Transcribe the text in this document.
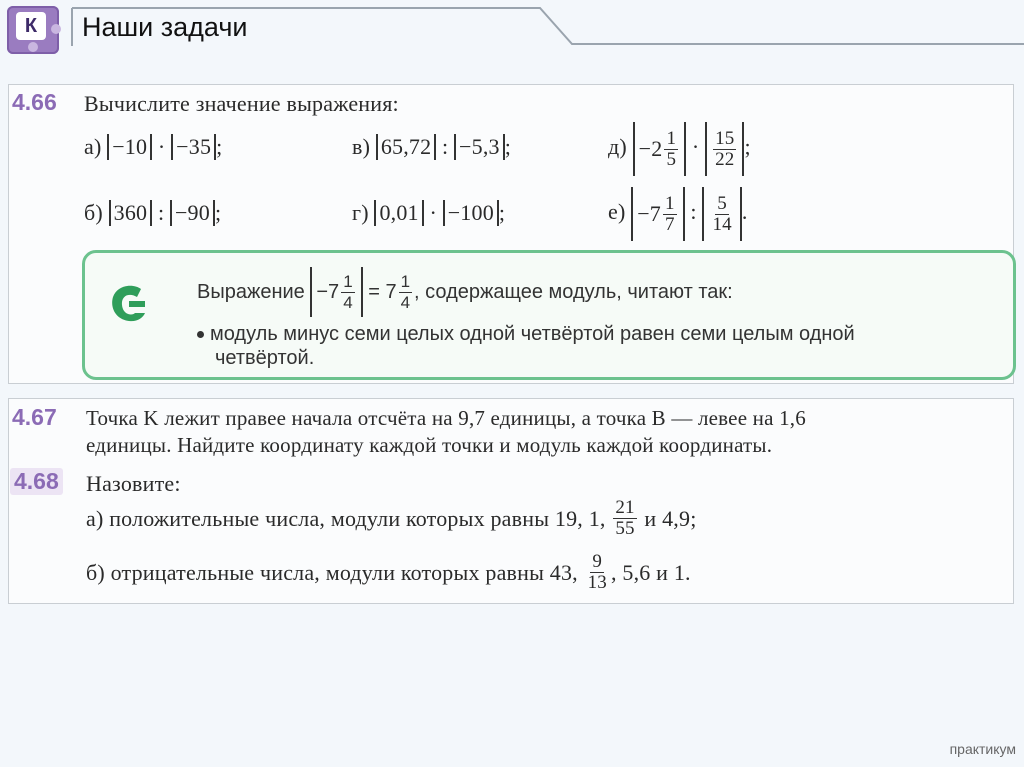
К	Наши задачи
4.66 Вычислите значение выражения:
а) −10 · −35 ;	в) 65,72 : −5,3 ;	$д) -2 \frac{1}{5} \cdot \frac{15}{22}$ ;
б) 360 : −90 ;	г) 0,01 · −100 ;	$е) -7 \frac{1}{7}$ : $\frac{5}{14}$ .
Выражение
$-7 \frac{1}{4}$
= $7 \frac{1}{4}$ , содержащее модуль, читают так:
модуль минус семи целых одной четвёртой равен семи целым одной
четвёртой.
4.67 Точка K лежит правее начала отсчёта на 9,7 единицы, а точка B — левее на 1,6
единицы. Найдите координату каждой точки и модуль каждой координаты.
4.68 Назовите:
а) положительные числа, модули которых равны 19, 1,
$\frac{21}{55}$
и 4,9;
б) отрицательные числа, модули которых равны 43,
$\frac{9}{13}$ , 5,6 и 1.
практикум
